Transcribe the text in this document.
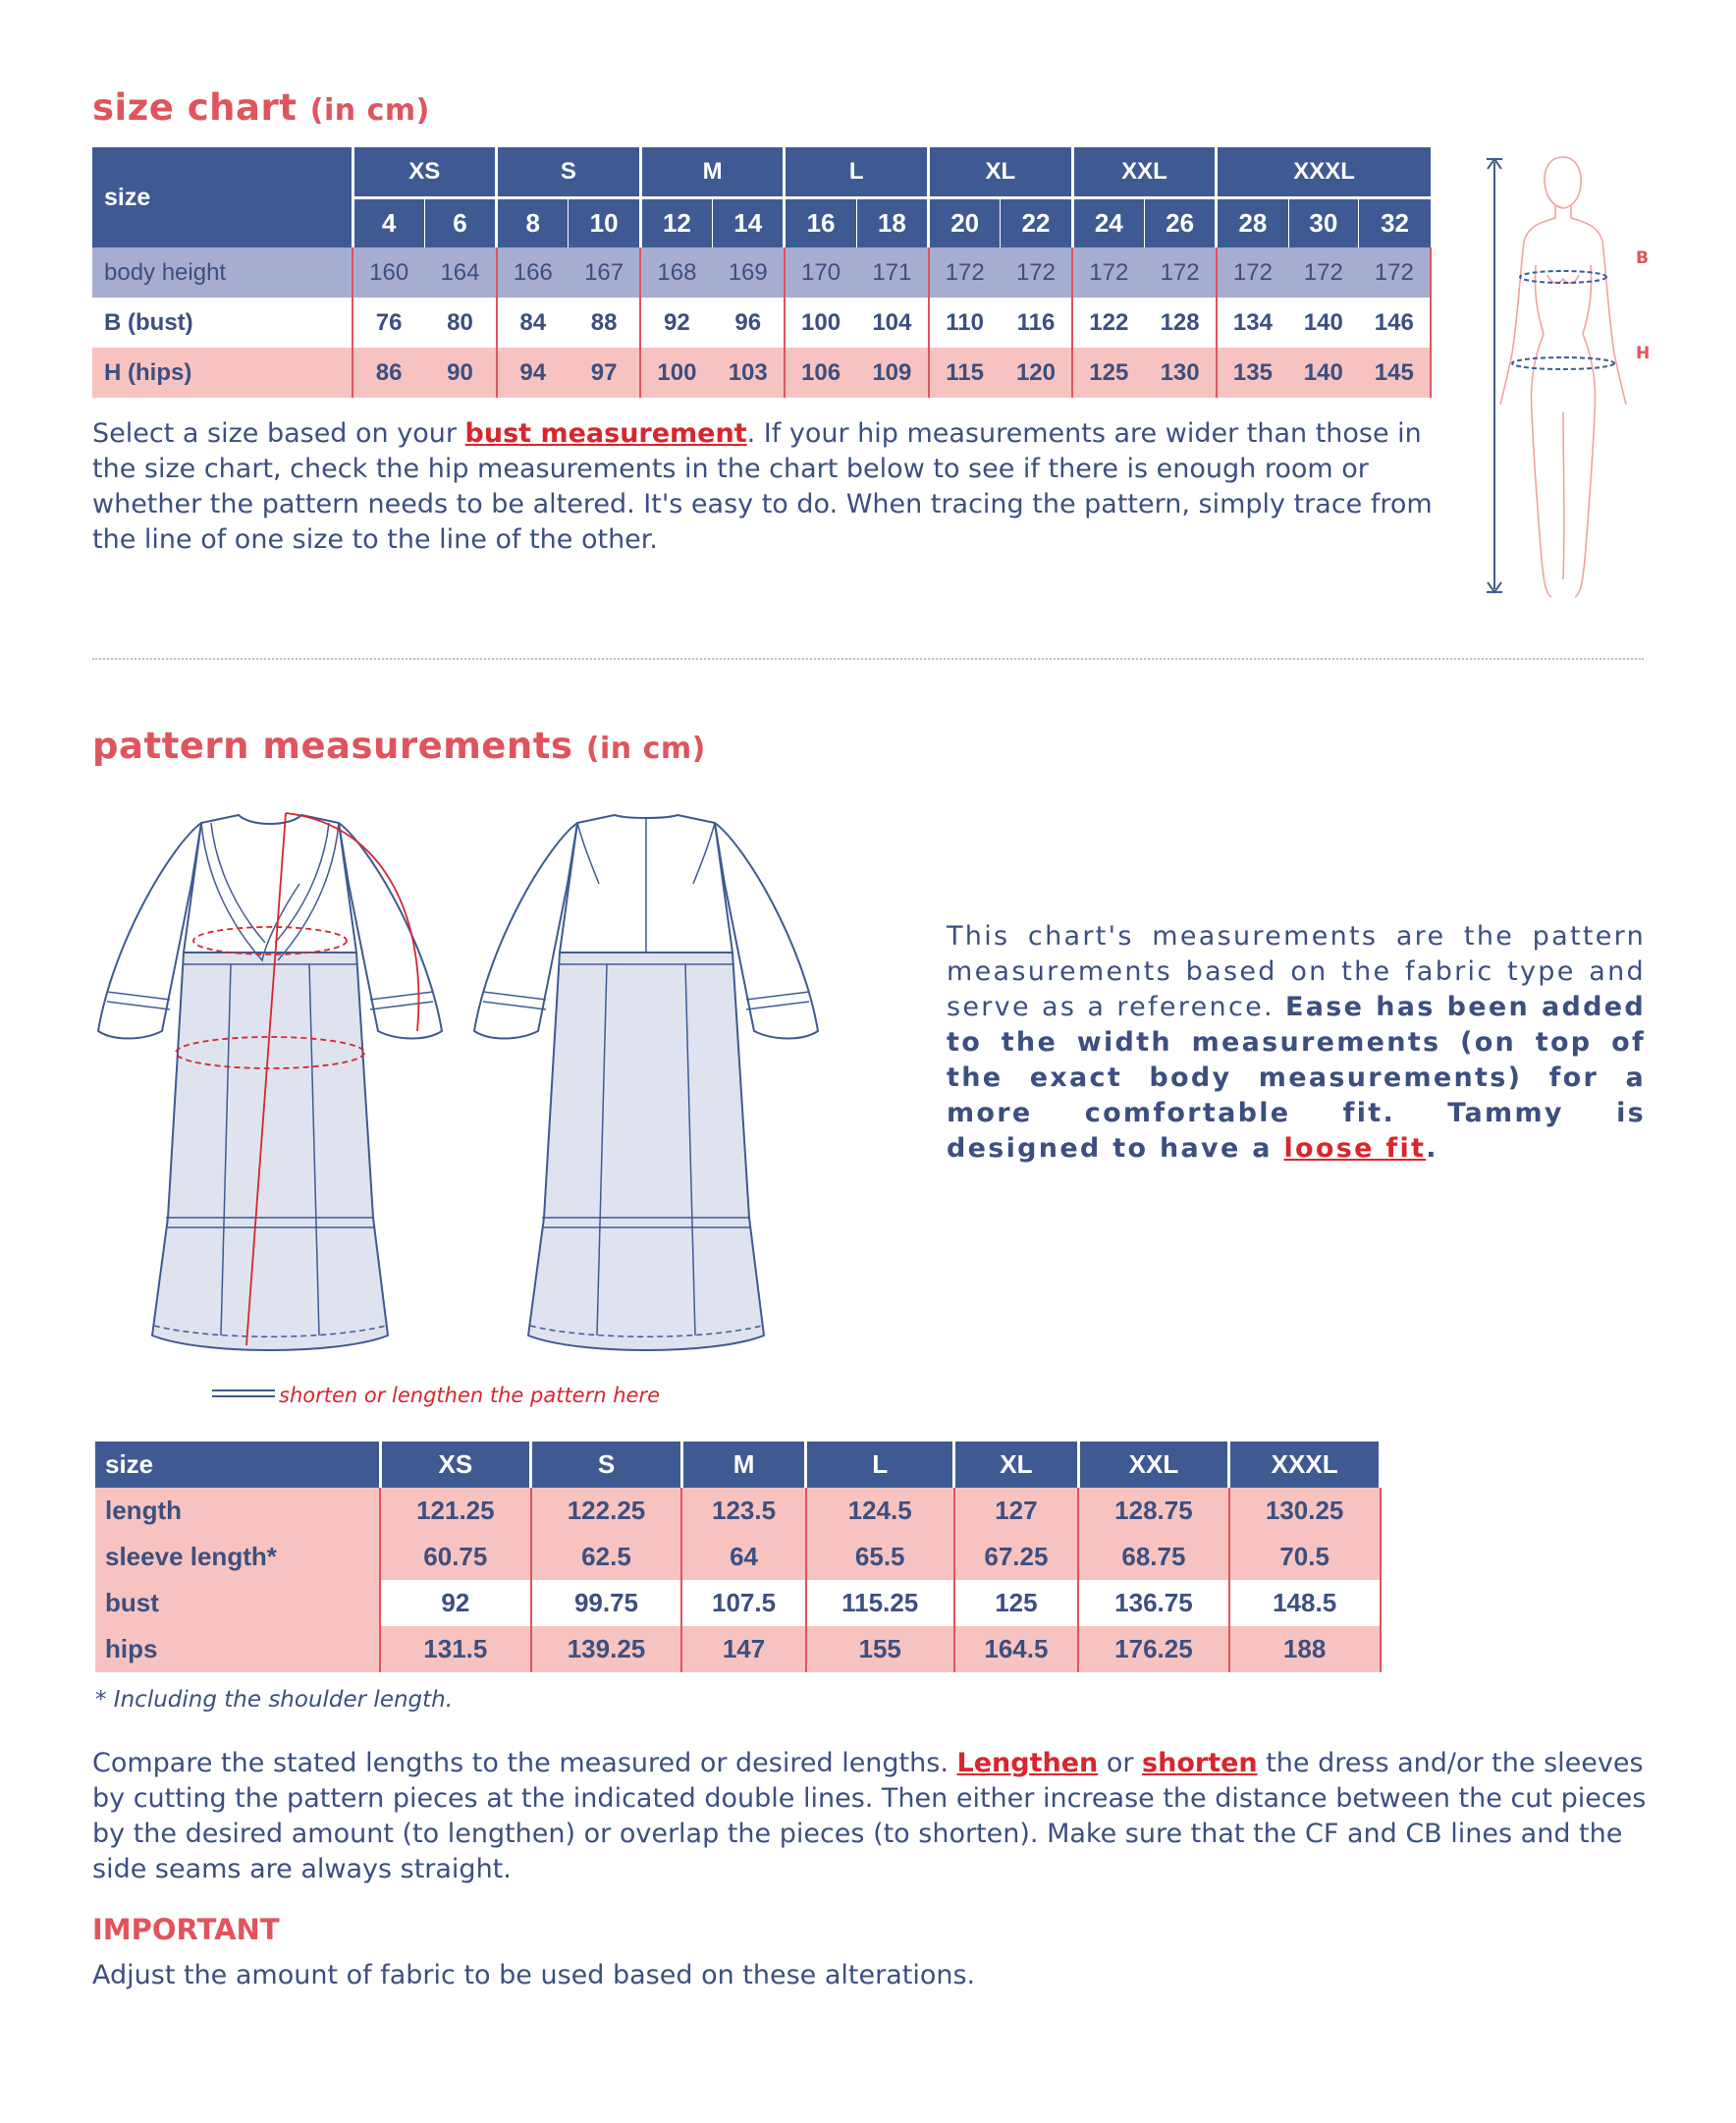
size chart (in cm)
size	XS		S		M		L		XL		XXL		XXXL		
	4	6	8	10	12	14	16	18	20	22	24	26	28	30	32
body height	160	164	166	167	168	169	170	171	172	172	172	172	172	172	172
B (bust)	76	80	84	88	92	96	100	104	110	116	122	128	134	140	146
H (hips)	86	90	94	97	100	103	106	109	115	120	125	130	135	140	145

Select a size based on your bust measurement. If your hip measurements are wider than those in the size chart, check the hip measurements in the chart below to see if there is enough room or whether the pattern needs to be altered. It's easy to do. When tracing the pattern, simply trace from the line of one size to the line of the other.

B
H
pattern measurements (in cm)

This chart's measurements are the pattern measurements based on the fabric type and serve as a reference. Ease has been added to the width measurements (on top of the exact body measurements) for a more comfortable fit. Tammy is designed to have a loose fit.

shorten or lengthen the pattern here
size	XS	S	M	L	XL	XXL	XXXL
length	121.25	122.25	123.5	124.5	127	128.75	130.25
sleeve length*	60.75	62.5	64	65.5	67.25	68.75	70.5
bust	92	99.75	107.5	115.25	125	136.75	148.5
hips	131.5	139.25	147	155	164.5	176.25	188
* Including the shoulder length.

Compare the stated lengths to the measured or desired lengths. Lengthen or shorten the dress and/or the sleeves by cutting the pattern pieces at the indicated double lines. Then either increase the distance between the cut pieces by the desired amount (to lengthen) or overlap the pieces (to shorten). Make sure that the CF and CB lines and the side seams are always straight.

IMPORTANT

Adjust the amount of fabric to be used based on these alterations.
